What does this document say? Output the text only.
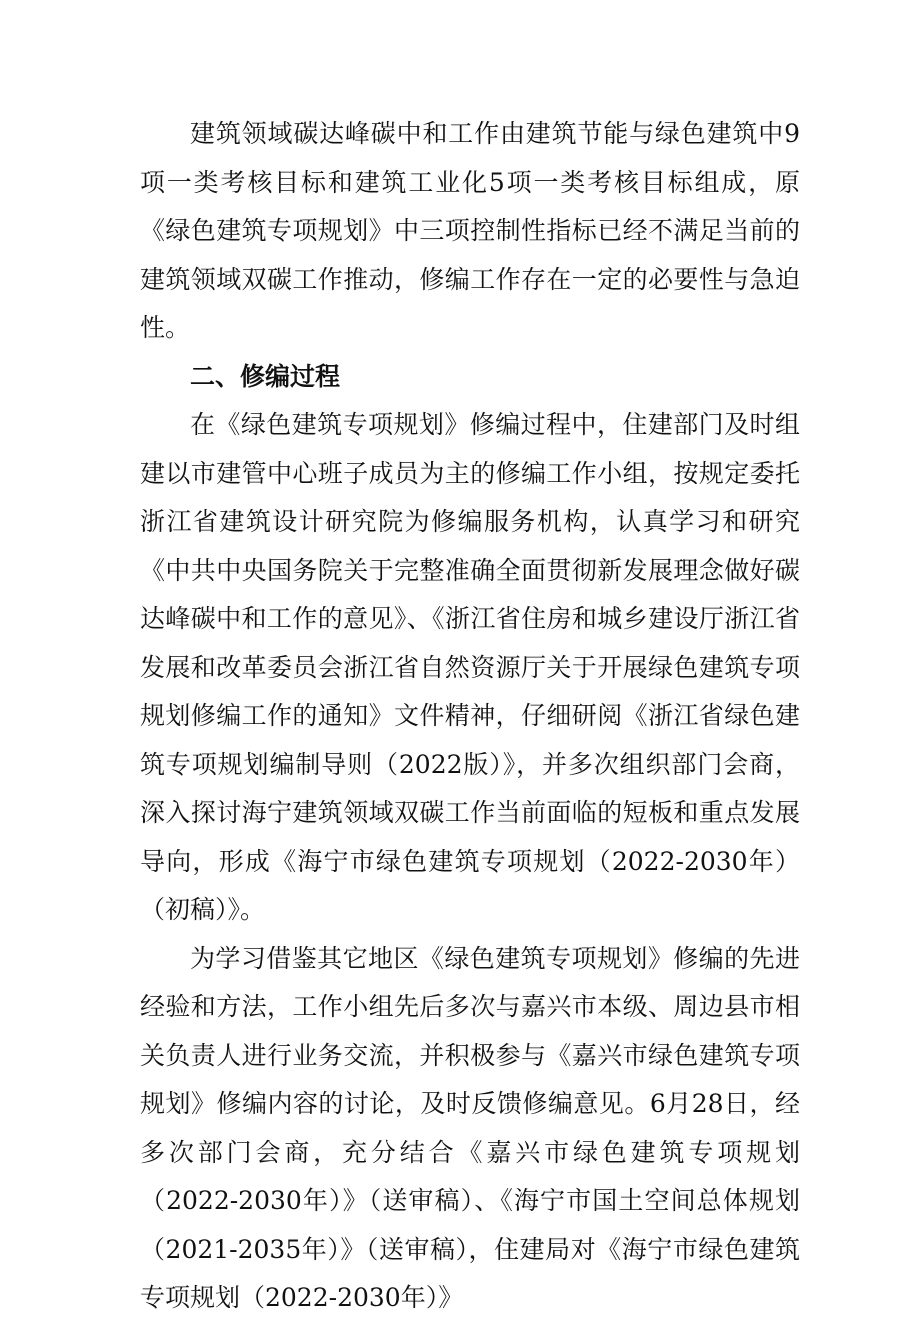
建筑领域碳达峰碳中和工作由建筑节能与绿色建筑中9项一类考核目标和建筑工业化5项一类考核目标组成，原《绿色建筑专项规划》中三项控制性指标已经不满足当前的建筑领域双碳工作推动，修编工作存在一定的必要性与急迫性。

二、修编过程

在《绿色建筑专项规划》修编过程中，住建部门及时组建以市建管中心班子成员为主的修编工作小组，按规定委托浙江省建筑设计研究院为修编服务机构，认真学习和研究《中共中央国务院关于完整准确全面贯彻新发展理念做好碳达峰碳中和工作的意见》、《浙江省住房和城乡建设厅浙江省发展和改革委员会浙江省自然资源厅关于开展绿色建筑专项规划修编工作的通知》文件精神，仔细研阅《浙江省绿色建筑专项规划编制导则（2022版）》，并多次组织部门会商，深入探讨海宁建筑领域双碳工作当前面临的短板和重点发展导向，形成《海宁市绿色建筑专项规划（2022-2030年）（初稿）》。

为学习借鉴其它地区《绿色建筑专项规划》修编的先进经验和方法，工作小组先后多次与嘉兴市本级、周边县市相关负责人进行业务交流，并积极参与《嘉兴市绿色建筑专项规划》修编内容的讨论，及时反馈修编意见。6月28日，经多次部门会商，充分结合《嘉兴市绿色建筑专项规划（2022-2030年）》（送审稿）、《海宁市国土空间总体规划（2021-2035年）》（送审稿），住建局对《海宁市绿色建筑专项规划（2022-2030年）》
